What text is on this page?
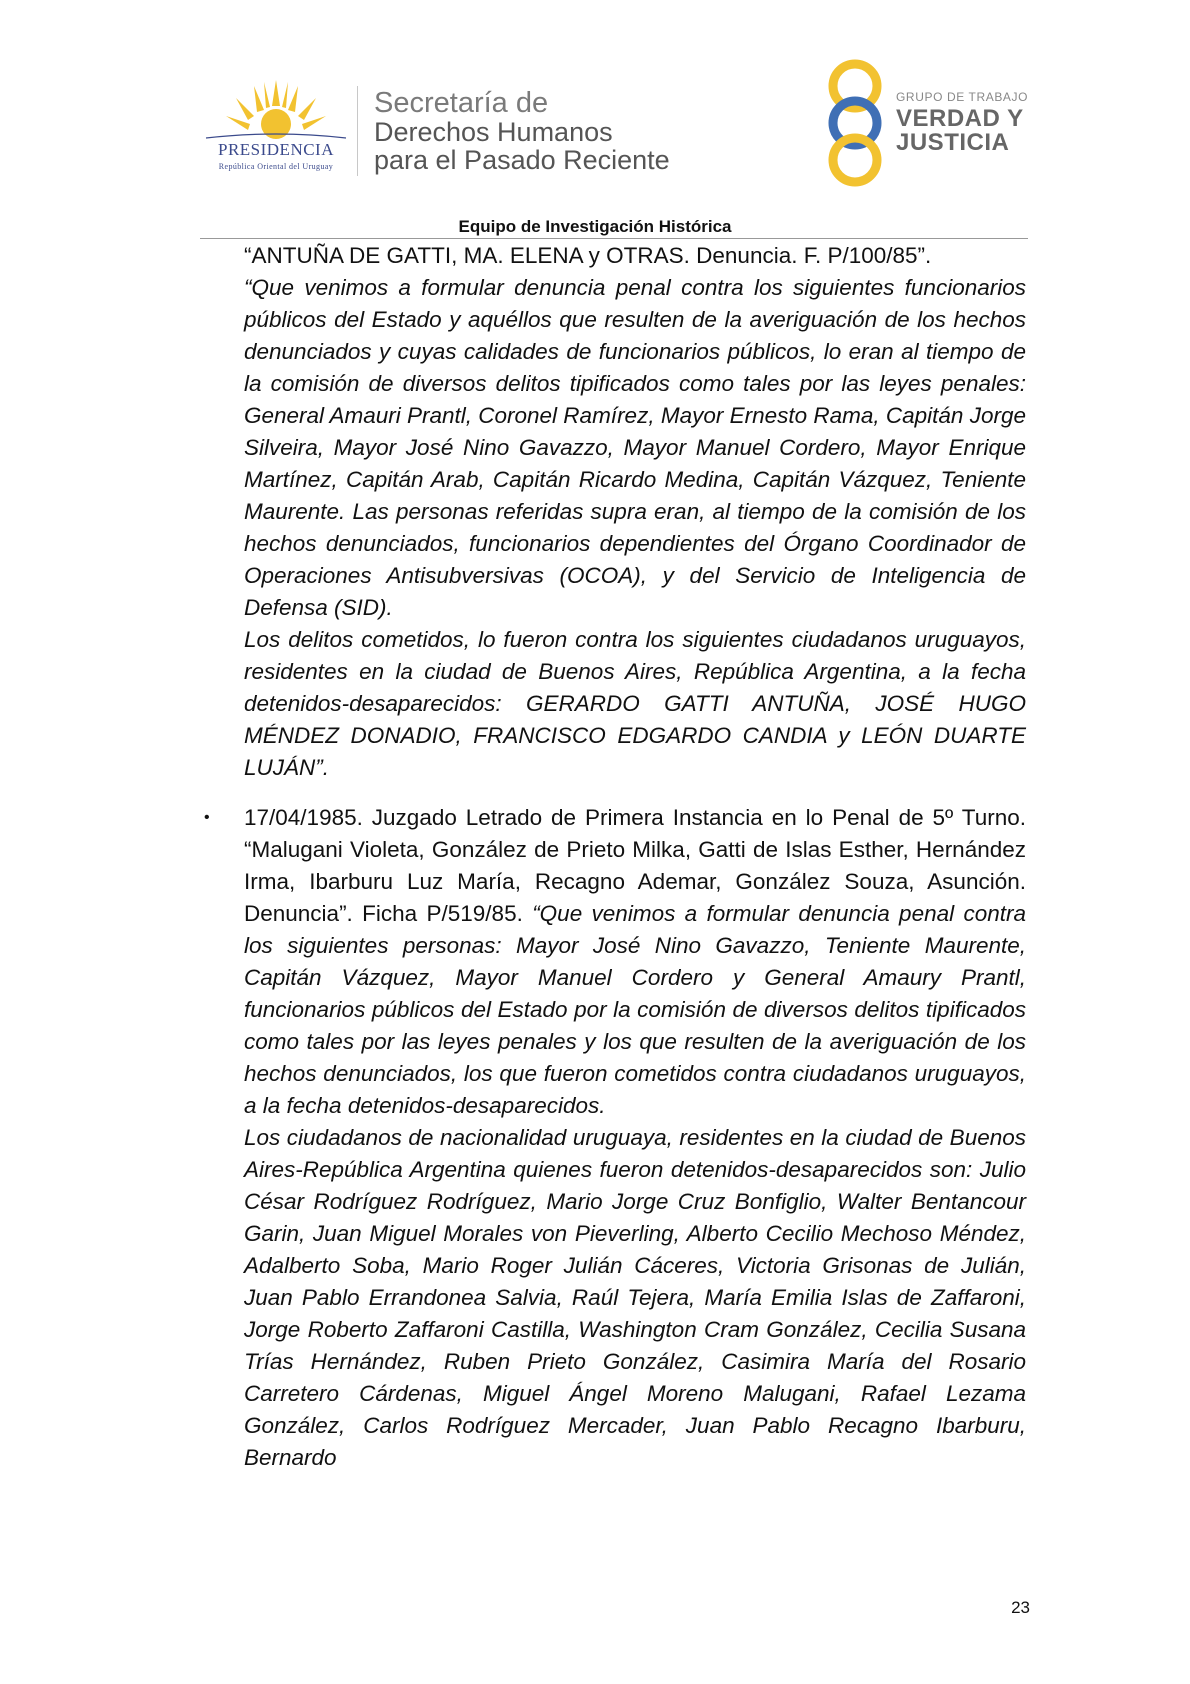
PRESIDENCIA
República Oriental del Uruguay
Secretaría de
Derechos Humanos
para el Pasado Reciente
GRUPO DE TRABAJO
VERDAD Y
JUSTICIA
Equipo de Investigación Histórica

“ANTUÑA DE GATTI, MA. ELENA y OTRAS. Denuncia. F. P/100/85”.

“Que venimos a formular denuncia penal contra los siguientes funcionarios públicos del Estado y aquéllos que resulten de la averiguación de los hechos denunciados y cuyas calidades de funcionarios públicos, lo eran al tiempo de la comisión de diversos delitos tipificados como tales por las leyes penales: General Amauri Prantl, Coronel Ramírez, Mayor Ernesto Rama, Capitán Jorge Silveira, Mayor José Nino Gavazzo, Mayor Manuel Cordero, Mayor Enrique Martínez, Capitán Arab, Capitán Ricardo Medina, Capitán Vázquez, Teniente Maurente. Las personas referidas supra eran, al tiempo de la comisión de los hechos denunciados, funcionarios dependientes del Órgano Coordinador de Operaciones Antisubversivas (OCOA), y del Servicio de Inteligencia de Defensa (SID).

Los delitos cometidos, lo fueron contra los siguientes ciudadanos uruguayos, residentes en la ciudad de Buenos Aires, República Argentina, a la fecha detenidos-desaparecidos: GERARDO GATTI ANTUÑA, JOSÉ HUGO MÉNDEZ DONADIO, FRANCISCO EDGARDO CANDIA y LEÓN DUARTE LUJÁN”.

• 17/04/1985. Juzgado Letrado de Primera Instancia en lo Penal de 5º Turno. “Malugani Violeta, González de Prieto Milka, Gatti de Islas Esther, Hernández Irma, Ibarburu Luz María, Recagno Ademar, González Souza, Asunción. Denuncia”. Ficha P/519/85. “Que venimos a formular denuncia penal contra los siguientes personas: Mayor José Nino Gavazzo, Teniente Maurente, Capitán Vázquez, Mayor Manuel Cordero y General Amaury Prantl, funcionarios públicos del Estado por la comisión de diversos delitos tipificados como tales por las leyes penales y los que resulten de la averiguación de los hechos denunciados, los que fueron cometidos contra ciudadanos uruguayos, a la fecha detenidos-desaparecidos.

Los ciudadanos de nacionalidad uruguaya, residentes en la ciudad de Buenos Aires-República Argentina quienes fueron detenidos-desaparecidos son: Julio César Rodríguez Rodríguez, Mario Jorge Cruz Bonfiglio, Walter Bentancour Garin, Juan Miguel Morales von Pieverling, Alberto Cecilio Mechoso Méndez, Adalberto Soba, Mario Roger Julián Cáceres, Victoria Grisonas de Julián, Juan Pablo Errandonea Salvia, Raúl Tejera, María Emilia Islas de Zaffaroni, Jorge Roberto Zaffaroni Castilla, Washington Cram González, Cecilia Susana Trías Hernández, Ruben Prieto González, Casimira María del Rosario Carretero Cárdenas, Miguel Ángel Moreno Malugani, Rafael Lezama González, Carlos Rodríguez Mercader, Juan Pablo Recagno Ibarburu, Bernardo

23
